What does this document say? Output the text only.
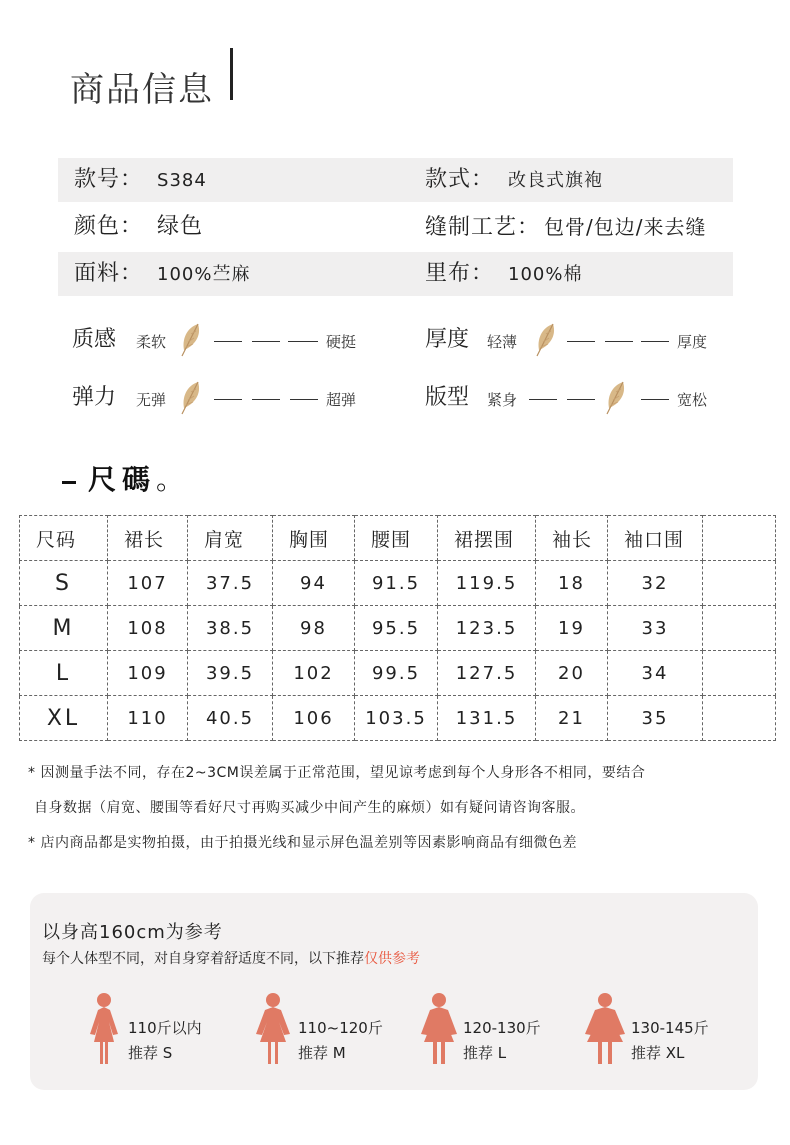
商品信息
款号： S384	款式： 改良式旗袍
颜色： 绿色	缝制工艺： 包骨/包边/来去缝
面料： 100%苎麻	里布： 100%棉
质感 柔软	硬挺	厚度 轻薄	厚度
弹力 无弹	超弹	版型 紧身	宽松
尺碼。
尺码	裙长	肩宽	胸围	腰围	裙摆围	袖长	袖口围	
S	107	37.5	94	91.5	119.5	18	32	
M	108	38.5	98	95.5	123.5	19	33	
L	109	39.5	102	99.5	127.5	20	34	
XL	110	40.5	106	103.5	131.5	21	35	
* 因测量手法不同，存在2~3CM误差属于正常范围，望见谅考虑到每个人身形各不相同，要结合
自身数据（肩宽、腰围等看好尺寸再购买减少中间产生的麻烦）如有疑问请咨询客服。
* 店内商品都是实物拍摄，由于拍摄光线和显示屏色温差别等因素影响商品有细微色差
以身高160cm为参考
每个人体型不同，对自身穿着舒适度不同，以下推荐仅供参考
110斤以内
推荐 S
110~120斤
推荐 M
120-130斤
推荐 L
130-145斤
推荐 XL
